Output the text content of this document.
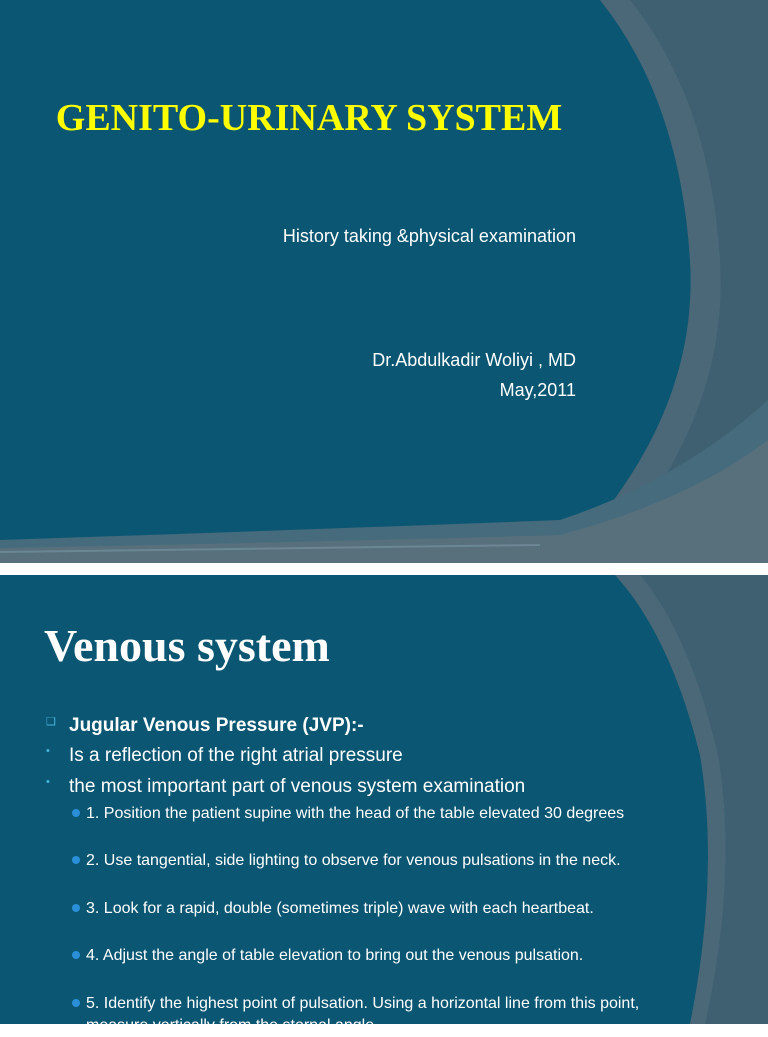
GENITO-URINARY SYSTEM
History taking &physical examination
Dr.Abdulkadir Woliyi , MD
May,2011
Venous system
❑ Jugular Venous Pressure (JVP):-
• Is a reflection of the right atrial pressure
• the most important part of venous system examination
1. Position the patient supine with the head of the table elevated 30 degrees
2. Use tangential, side lighting to observe for venous pulsations in the neck.
3. Look for a rapid, double (sometimes triple) wave with each heartbeat.
4. Adjust the angle of table elevation to bring out the venous pulsation.
5. Identify the highest point of pulsation. Using a horizontal line from this point, measure vertically from the sternal angle.
